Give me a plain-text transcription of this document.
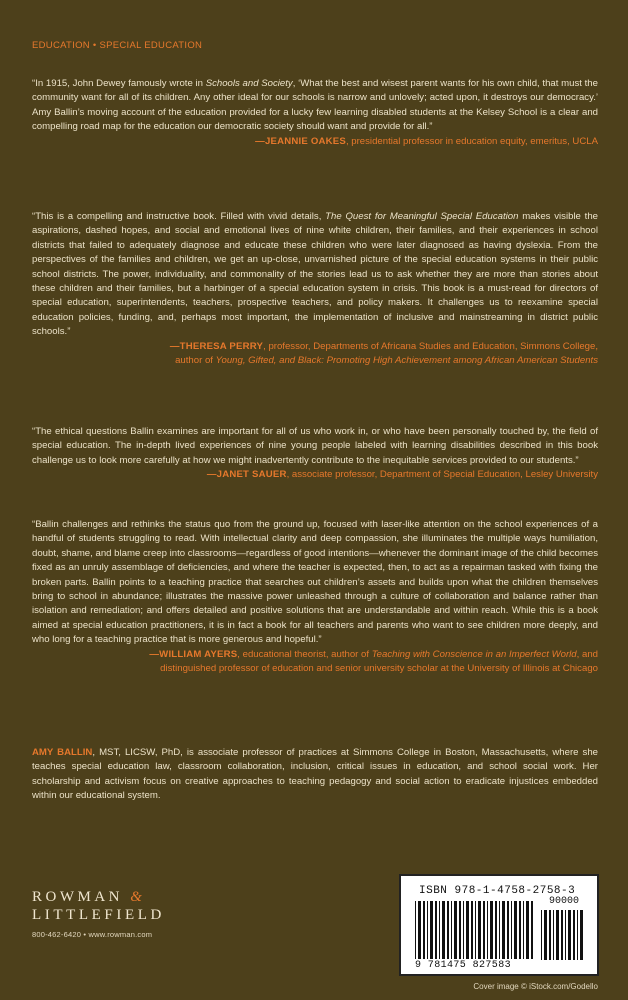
EDUCATION • SPECIAL EDUCATION
“In 1915, John Dewey famously wrote in Schools and Society, ‘What the best and wisest parent wants for his own child, that must the community want for all of its children. Any other ideal for our schools is narrow and unlovely; acted upon, it destroys our democracy.’ Amy Ballin’s moving account of the education provided for a lucky few learning disabled students at the Kelsey School is a clear and compelling road map for the education our democratic society should want and provide for all.”
—JEANNIE OAKES, presidential professor in education equity, emeritus, UCLA
“This is a compelling and instructive book. Filled with vivid details, The Quest for Meaningful Special Education makes visible the aspirations, dashed hopes, and social and emotional lives of nine white children, their families, and their experiences in school districts that failed to adequately diagnose and educate these children who were later diagnosed as having dyslexia. From the perspectives of the families and children, we get an up-close, unvarnished picture of the special education systems in their public school districts. The power, individuality, and commonality of the stories lead us to ask whether they are more than stories about these children and their families, but a harbinger of a special education system in crisis. This book is a must-read for directors of special education, superintendents, teachers, prospective teachers, and policy makers. It challenges us to reexamine special education policies, funding, and, perhaps most important, the implementation of inclusive and mainstreaming in district public schools.”
—THERESA PERRY, professor, Departments of Africana Studies and Education, Simmons College,
author of Young, Gifted, and Black: Promoting High Achievement among African American Students
“The ethical questions Ballin examines are important for all of us who work in, or who have been personally touched by, the field of special education. The in-depth lived experiences of nine young people labeled with learning disabilities described in this book challenge us to look more carefully at how we might inadvertently contribute to the inequitable services provided to our students.”
—JANET SAUER, associate professor, Department of Special Education, Lesley University
“Ballin challenges and rethinks the status quo from the ground up, focused with laser-like attention on the school experiences of a handful of students struggling to read. With intellectual clarity and deep compassion, she illuminates the multiple ways humiliation, doubt, shame, and blame creep into classrooms—regardless of good intentions—whenever the dominant image of the child becomes fixed as an unruly assemblage of deficiencies, and where the teacher is expected, then, to act as a repairman tasked with fixing the broken parts. Ballin points to a teaching practice that searches out children’s assets and builds upon what the children themselves bring to school in abundance; illustrates the massive power unleashed through a culture of collaboration and balance rather than isolation and remediation; and offers detailed and positive solutions that are understandable and within reach. While this is a book aimed at special education practitioners, it is in fact a book for all teachers and parents who want to see children more deeply, and who long for a teaching practice that is more generous and hopeful.”
—WILLIAM AYERS, educational theorist, author of Teaching with Conscience in an Imperfect World, and
distinguished professor of education and senior university scholar at the University of Illinois at Chicago
AMY BALLIN, MST, LICSW, PhD, is associate professor of practices at Simmons College in Boston, Massachusetts, where she teaches special education law, classroom collaboration, inclusion, critical issues in education, and school social work. Her scholarship and activism focus on creative approaches to teaching pedagogy and social action to eradicate injustices embedded within our educational system.
ROWMAN &
LITTLEFIELD
800-462-6420 • www.rowman.com
ISBN 978-1-4758-2758-3
90000
9 781475 827583
Cover image © iStock.com/Godello
